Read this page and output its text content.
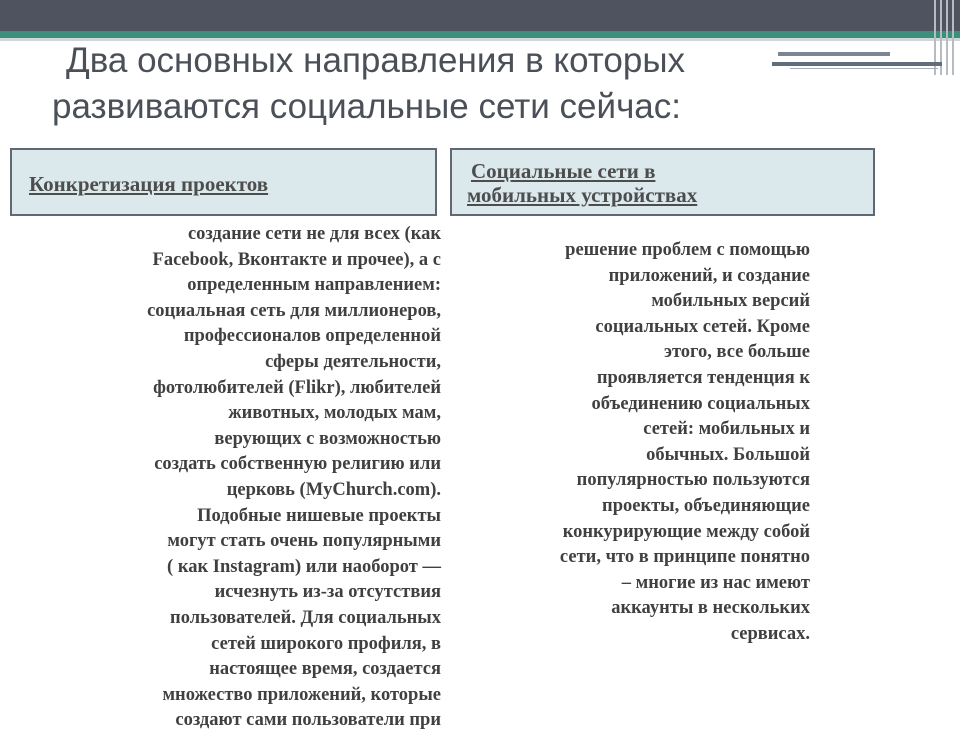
Два основных направления в которых
развиваются социальные сети сейчас:
Конкретизация проектов
Социальные сети в
мобильных устройствах
создание сети не для всех (как
Facebook, Вконтакте и прочее), а с
определенным направлением:
социальная сеть для миллионеров,
профессионалов определенной
сферы деятельности,
фотолюбителей (Flikr), любителей
животных, молодых мам,
верующих с возможностью
создать собственную религию или
церковь (MyChurch.com).
Подобные нишевые проекты
могут стать очень популярными
( как Instagram) или наоборот —
исчезнуть из-за отсутствия
пользователей. Для социальных
сетей широкого профиля, в
настоящее время, создается
множество приложений, которые
создают сами пользователи при
решение проблем с помощью
приложений, и создание
мобильных версий
социальных сетей. Кроме
этого, все больше
проявляется тенденция к
объединению социальных
сетей: мобильных и
обычных. Большой
популярностью пользуются
проекты, объединяющие
конкурирующие между собой
сети, что в принципе понятно
– многие из нас имеют
аккаунты в нескольких
сервисах.
